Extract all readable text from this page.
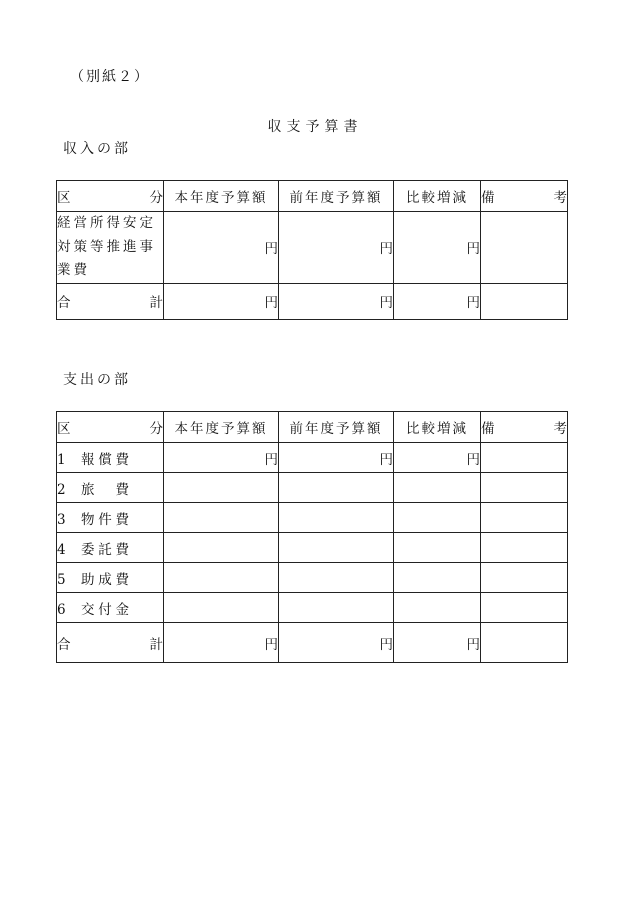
（別紙２）
収支予算書
収入の部
区分	本年度予算額	前年度予算額	比較増減	備考
経営所得安定対策等推進事業費	円	円	円	
合計	円	円	円	
支出の部
区分	本年度予算額	前年度予算額	比較増減	備考
1 報償費	円	円	円	
2 旅費				
3 物件費				
4 委託費				
5 助成費				
6 交付金				
合計	円	円	円	
